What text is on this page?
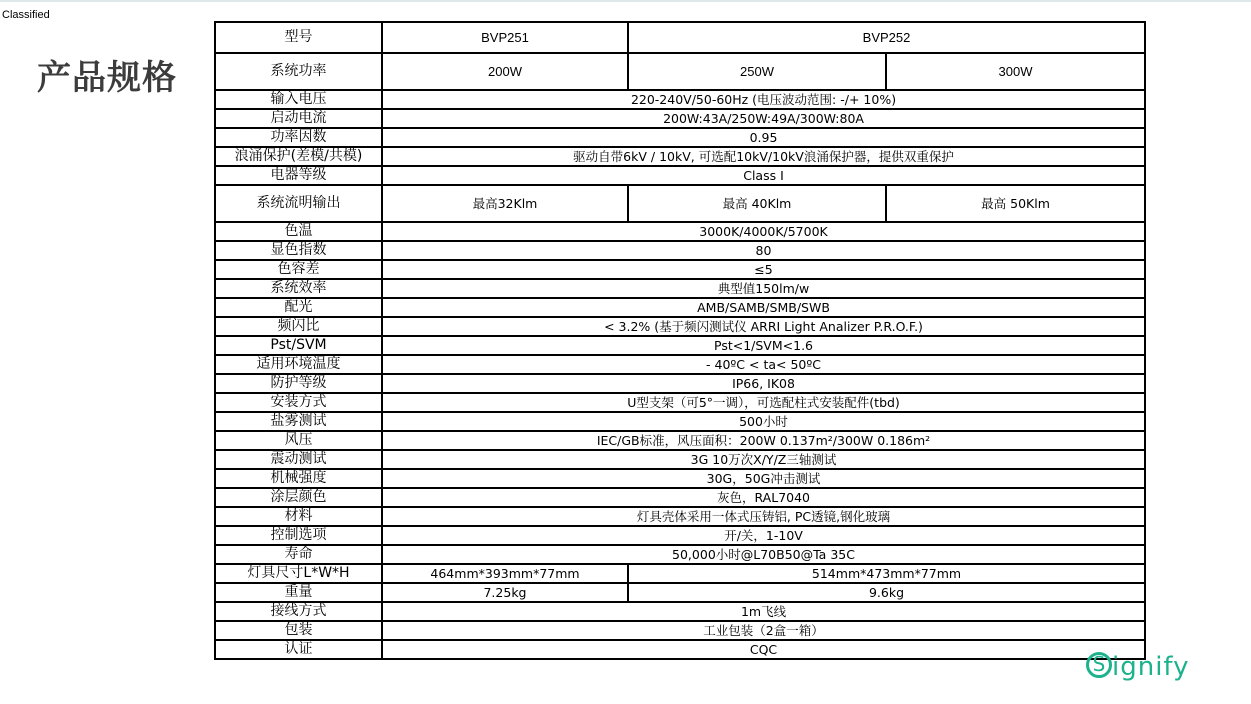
Classified
产品规格
型号	BVP251	BVP252	
系统功率	200W	250W	300W
输入电压	220-240V/50-60Hz (电压波动范围: -/+ 10%)		
启动电流	200W:43A/250W:49A/300W:80A		
功率因数	0.95		
浪涌保护(差模/共模)	驱动自带6kV / 10kV, 可选配10kV/10kV浪涌保护器，提供双重保护		
电器等级	Class I		
系统流明输出	最高32Klm	最高 40Klm	最高 50Klm
色温	3000K/4000K/5700K		
显色指数	80		
色容差	≤5		
系统效率	典型值150lm/w		
配光	AMB/SAMB/SMB/SWB		
频闪比	< 3.2% (基于频闪测试仪 ARRI Light Analizer P.R.O.F.)		
Pst/SVM	Pst<1/SVM<1.6		
适用环境温度	- 40ºC < ta< 50ºC		
防护等级	IP66, IK08		
安装方式	U型支架（可5°一调），可选配柱式安装配件(tbd)		
盐雾测试	500小时		
风压	IEC/GB标准，风压面积：200W 0.137m²/300W 0.186m²		
震动测试	3G 10万次X/Y/Z三轴测试		
机械强度	30G，50G冲击测试		
涂层颜色	灰色，RAL7040		
材料	灯具壳体采用一体式压铸铝, PC透镜,钢化玻璃		
控制选项	开/关，1-10V		
寿命	50,000小时@L70B50@Ta 35C		
灯具尺寸L*W*H	464mm*393mm*77mm	514mm*473mm*77mm	
重量	7.25kg	9.6kg	
接线方式	1m飞线		
包装	工业包装（2盒一箱）		
认证	CQC		
S ignify
